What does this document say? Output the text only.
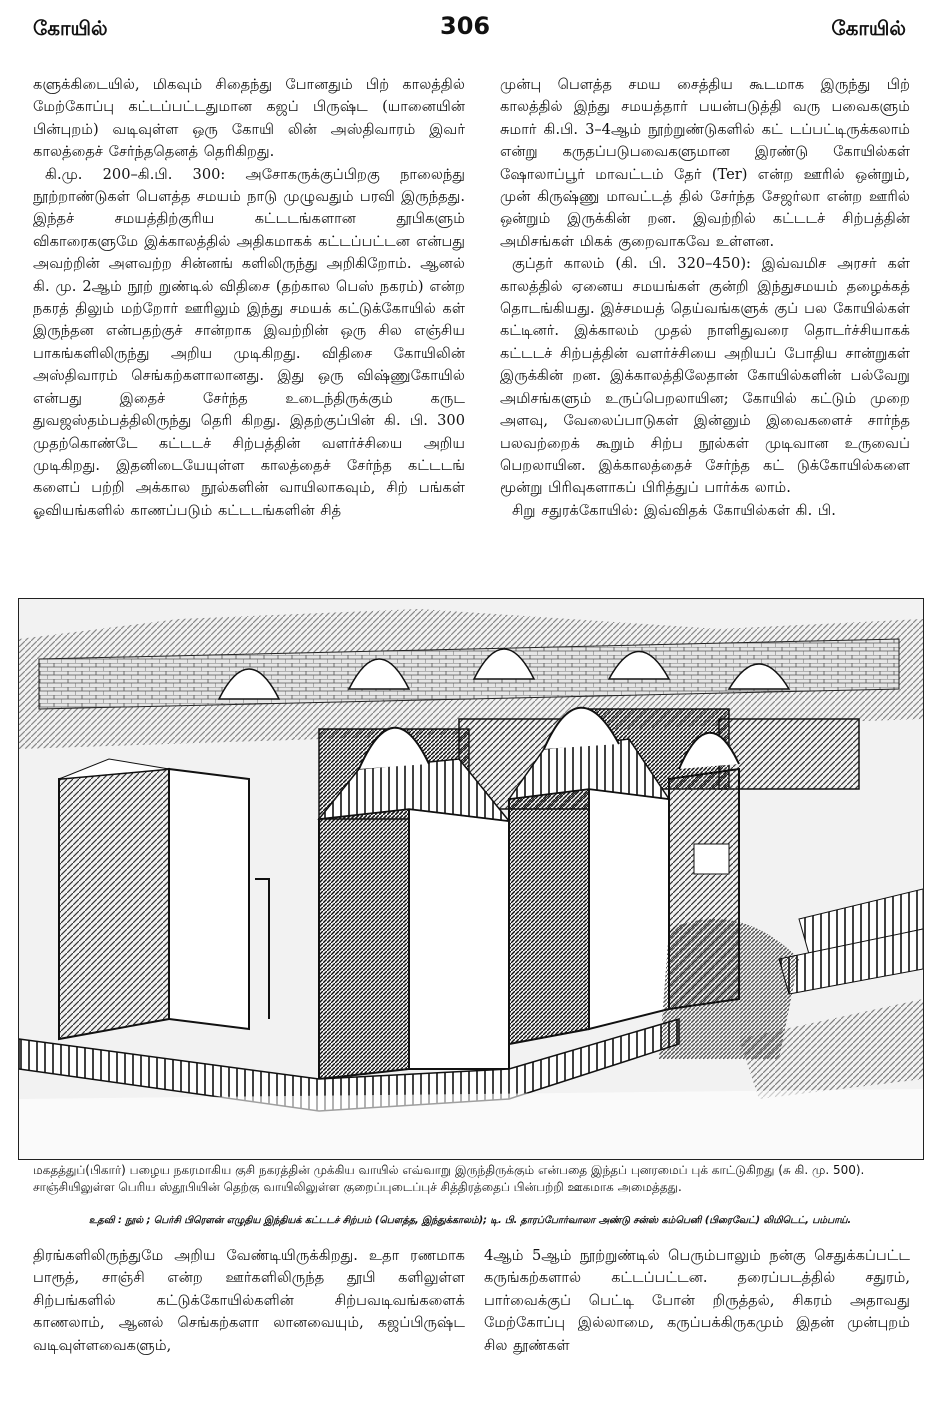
கோயில்	306	கோயில்

களுக்கிடையில், மிகவும் சிதைந்து போனதும் பிற் காலத்தில் மேற்கோப்பு கட்டப்பட்டதுமான கஜப் பிருஷ்ட (யானையின் பின்புறம்) வடிவுள்ள ஒரு கோயி லின் அஸ்திவாரம் இவர் காலத்தைச் சேர்ந்ததெனத் தெரிகிறது.

கி.மு. 200–கி.பி. 300: அசோகருக்குப்பிறகு நாலைந்து நூற்றாண்டுகள் பௌத்த சமயம் நாடு முழுவதும் பரவி இருந்தது. இந்தச் சமயத்திற்குரிய கட்டடங்களான தூபிகளும் விகாரைகளுமே இக்காலத்தில் அதிகமாகக் கட்டப்பட்டன என்பது அவற்றின் அளவற்ற சின்னங் களிலிருந்து அறிகிறோம். ஆனல் கி. மு. 2ஆம் நூற் றுண்டில் விதிசை (தற்கால பெஸ் நகரம்) என்ற நகரத் திலும் மற்றோர் ஊரிலும் இந்து சமயக் கட்டுக்கோயில் கள் இருந்தன என்பதற்குச் சான்றாக இவற்றின் ஒரு சில எஞ்சிய பாகங்களிலிருந்து அறிய முடிகிறது. விதிசை கோயிலின் அஸ்திவாரம் செங்கற்களாலானது. இது ஒரு விஷ்ணுகோயில் என்பது இதைச் சேர்ந்த உடைந்திருக்கும் கருட துவஜஸ்தம்பத்திலிருந்து தெரி கிறது. இதற்குப்பின் கி. பி. 300 முதற்கொண்டே கட்டடச் சிற்பத்தின் வளர்ச்சியை அறிய முடிகிறது. இதனிடையேயுள்ள காலத்தைச் சேர்ந்த கட்டடங் களைப் பற்றி அக்கால நூல்களின் வாயிலாகவும், சிற் பங்கள் ஓவியங்களில் காணப்படும் கட்டடங்களின் சித்

முன்பு பௌத்த சமய சைத்திய கூடமாக இருந்து பிற் காலத்தில் இந்து சமயத்தார் பயன்படுத்தி வரு பவைகளும் சுமார் கி.பி. 3–4ஆம் நூற்றுண்டுகளில் கட் டப்பட்டிருக்கலாம் என்று கருதப்படுபவைகளுமான இரண்டு கோயில்கள் ஷோலாப்பூர் மாவட்டம் தேர் (Ter) என்ற ஊரில் ஒன்றும், முன் கிருஷ்ணு மாவட்டத் தில் சேர்ந்த சேஜர்லா என்ற ஊரில் ஒன்றும் இருக்கின் றன. இவற்றில் கட்டடச் சிற்பத்தின் அமிசங்கள் மிகக் குறைவாகவே உள்ளன.

குப்தர் காலம் (கி. பி. 320–450): இவ்வமிச அரசர் கள் காலத்தில் ஏனைய சமயங்கள் குன்றி இந்துசமயம் தழைக்கத் தொடங்கியது. இச்சமயத் தெய்வங்களுக் குப் பல கோயில்கள் கட்டினர். இக்காலம் முதல் நாளிதுவரை தொடர்ச்சியாகக் கட்டடச் சிற்பத்தின் வளர்ச்சியை அறியப் போதிய சான்றுகள் இருக்கின் றன. இக்காலத்திலேதான் கோயில்களின் பல்வேறு அமிசங்களும் உருப்பெறலாயின; கோயில் கட்டும் முறை அளவு, வேலைப்பாடுகள் இன்னும் இவைகளைச் சார்ந்த பலவற்றைக் கூறும் சிற்ப நூல்கள் முடிவான உருவைப் பெறலாயின. இக்காலத்தைச் சேர்ந்த கட் டுக்கோயில்களை மூன்று பிரிவுகளாகப் பிரித்துப் பார்க்க லாம்.

சிறு சதுரக்கோயில்: இவ்விதக் கோயில்கள் கி. பி.

மகதத்துப்(பிகார்) பழைய நகரமாகிய குசி நகரத்தின் முக்கிய வாயில் எவ்வாறு இருந்திருக்கும் என்பதை இந்தப் புனரமைப் புக் காட்டுகிறது (சு கி. மு. 500). சாஞ்சியிலுள்ள பெரிய ஸ்தூபியின் தெற்கு வாயிலிலுள்ள குறைப்புடைப்புச் சித்திரத்தைப் பின்பற்றி ஊகமாக அமைத்தது.
உதவி : நூல் ; பெர்சி பிரௌன் எழுதிய இந்தியக் கட்டடச் சிற்பம் (பௌத்த, இந்துக்காலம்); டி. பி. தாரப்போர்வாலா அண்டு சன்ஸ் கம்பெனி (பிரைவேட்) லிமிடெட், பம்பாய்.

திரங்களிலிருந்துமே அறிய வேண்டியிருக்கிறது. உதா ரணமாக பாரூத், சாஞ்சி என்ற ஊர்களிலிருந்த தூபி களிலுள்ள சிற்பங்களில் கட்டுக்கோயில்களின் சிற்பவடிவங்களைக் காணலாம், ஆனல் செங்கற்களா லானவையும், கஜப்பிருஷ்ட வடிவுள்ளவைகளும்,

4ஆம் 5ஆம் நூற்றுண்டில் பெரும்பாலும் நன்கு செதுக்கப்பட்ட கருங்கற்களால் கட்டப்பட்டன. தரைப்படத்தில் சதுரம், பார்வைக்குப் பெட்டி போன் றிருத்தல், சிகரம் அதாவது மேற்கோப்பு இல்லாமை, கருப்பக்கிருகமும் இதன் முன்புறம் சில தூண்கள்
